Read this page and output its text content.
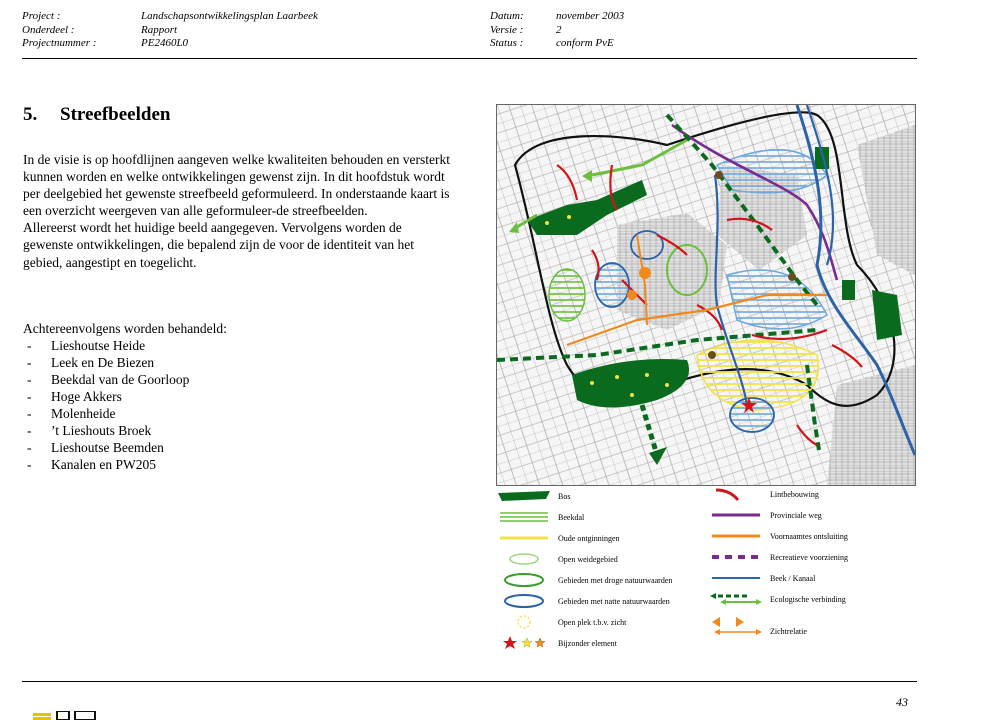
Project :
Onderdeel :
Projectnummer :
Landschapsontwikkelingsplan Laarbeek
Rapport
PE2460L0
Datum:
Versie :
Status :
november 2003
2
conform PvE
5. Streefbeelden

In de visie is op hoofdlijnen aangeven welke kwaliteiten behouden en versterkt kunnen worden en welke ontwikkelingen gewenst zijn. In dit hoofdstuk wordt per deelgebied het gewenste streefbeeld geformuleerd. In onderstaande kaart is een overzicht weergeven van alle geformuleer-de streefbeelden.

Allereerst wordt het huidige beeld aangegeven. Vervolgens worden de gewenste ontwikkelingen, die bepalend zijn de voor de identiteit van het gebied, aangestipt en toegelicht.

Achtereenvolgens worden behandeld:
- Lieshoutse Heide
- Leek en De Biezen
- Beekdal van de Goorloop
- Hoge Akkers
- Molenheide
- ’t Lieshouts Broek
- Lieshoutse Beemden
- Kanalen en PW205
Bos
Beekdal
Oude ontginningen
Open weidegebied
Gebieden met droge natuurwaarden
Gebieden met natte natuurwaarden
Open plek t.b.v. zicht
Bijzonder element
Lintbebouwing
Provinciale weg
Voornaamtes ontsluiting
Recreatieve voorziening
Beek / Kanaal
Ecologische verbinding
Zichtrelatie
43
